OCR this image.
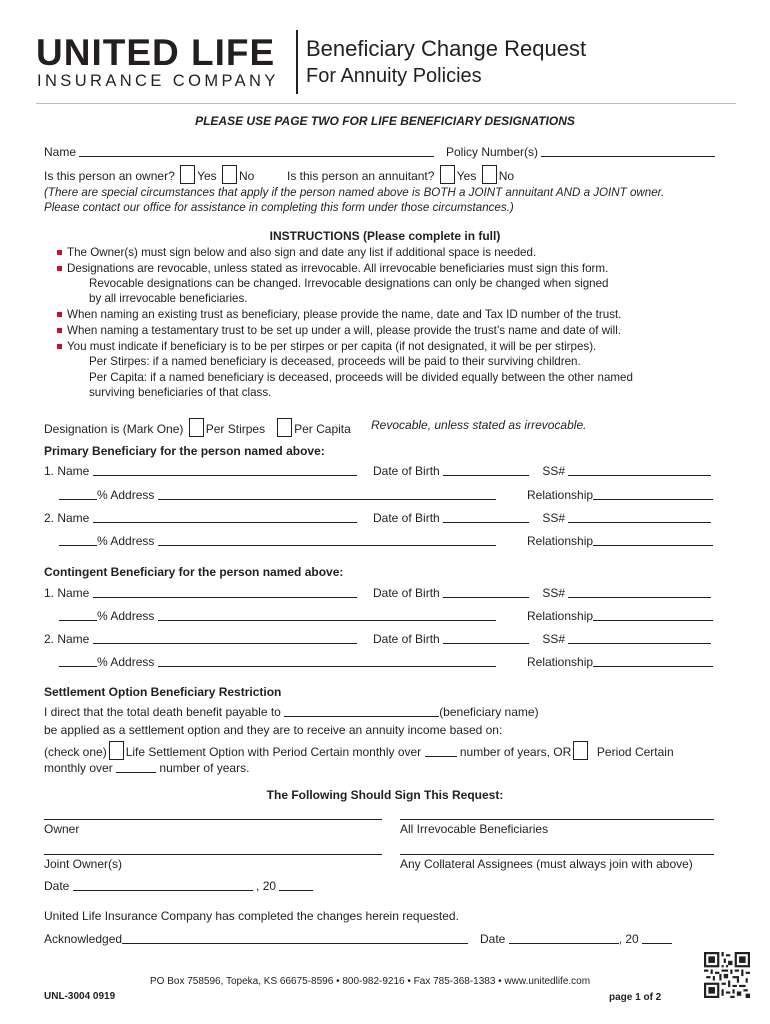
UNITED LIFE
INSURANCE COMPANY
Beneficiary Change Request
For Annuity Policies
PLEASE USE PAGE TWO FOR LIFE BENEFICIARY DESIGNATIONS
Name	Policy Number(s)
Is this person an owner? Yes No	Is this person an annuitant? Yes No
(There are special circumstances that apply if the person named above is BOTH a JOINT annuitant AND a JOINT owner.
Please contact our office for assistance in completing this form under those circumstances.)
INSTRUCTIONS (Please complete in full)
The Owner(s) must sign below and also sign and date any list if additional space is needed.
Designations are revocable, unless stated as irrevocable. All irrevocable beneficiaries must sign this form.
Revocable designations can be changed. Irrevocable designations can only be changed when signed
by all irrevocable beneficiaries.
When naming an existing trust as beneficiary, please provide the name, date and Tax ID number of the trust.
When naming a testamentary trust to be set up under a will, please provide the trust’s name and date of will.
You must indicate if beneficiary is to be per stirpes or per capita (if not designated, it will be per stirpes).
Per Stirpes: if a named beneficiary is deceased, proceeds will be paid to their surviving children.
Per Capita: if a named beneficiary is deceased, proceeds will be divided equally between the other named
surviving beneficiaries of that class.
Designation is (Mark One) Per Stirpes Per Capita Revocable, unless stated as irrevocable.
Primary Beneficiary for the person named above:
1. Name	Date of Birth	SS#
% Address	Relationship
2. Name	Date of Birth	SS#
% Address	Relationship
Contingent Beneficiary for the person named above:
1. Name	Date of Birth	SS#
% Address	Relationship
2. Name	Date of Birth	SS#
% Address	Relationship
Settlement Option Beneficiary Restriction
I direct that the total death benefit payable to	(beneficiary name)
be applied as a settlement option and they are to receive an annuity income based on:
(check one) Life Settlement Option with Period Certain monthly over	number of years, OR Period Certain
monthly over	number of years.
The Following Should Sign This Request:
Owner	All Irrevocable Beneficiaries
Joint Owner(s)	Any Collateral Assignees (must always join with above)
Date	, 20
United Life Insurance Company has completed the changes herein requested.
Acknowledged	Date	, 20
PO Box 758596, Topeka, KS 66675-8596 • 800-982-9216 • Fax 785-368-1383 • www.unitedlife.com
UNL-3004 0919	page 1 of 2
